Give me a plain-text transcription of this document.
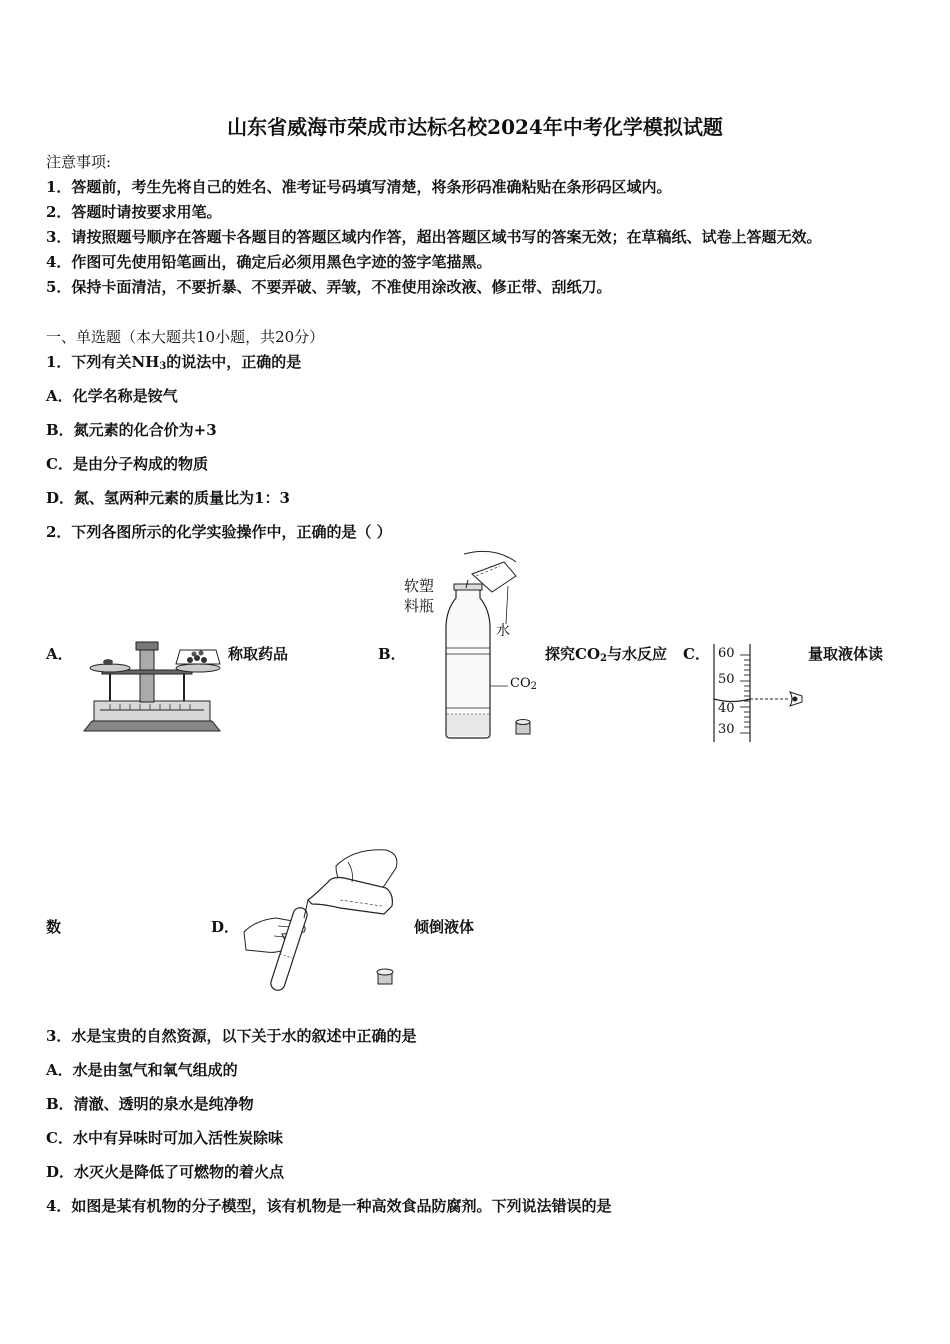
山东省威海市荣成市达标名校2024年中考化学模拟试题
注意事项:
1．答题前，考生先将自己的姓名、准考证号码填写清楚，将条形码准确粘贴在条形码区域内。
2．答题时请按要求用笔。
3．请按照题号顺序在答题卡各题目的答题区域内作答，超出答题区域书写的答案无效；在草稿纸、试卷上答题无效。
4．作图可先使用铅笔画出，确定后必须用黑色字迹的签字笔描黑。
5．保持卡面清洁，不要折暴、不要弄破、弄皱，不准使用涂改液、修正带、刮纸刀。
一、单选题（本大题共10小题，共20分）
1．下列有关$NH_3$的说法中，正确的是
A．化学名称是铵气
B．氮元素的化合价为+3
C．是由分子构成的物质
D．氮、氢两种元素的质量比为1：3
2．下列各图所示的化学实验操作中，正确的是（ ）
A．	称取药品	B．
软塑
料瓶
水
$CO_2$
探究$CO_2$与水反应 C． 60
50
40
30
量取液体读
数	D．	倾倒液体
3．水是宝贵的自然资源，以下关于水的叙述中正确的是
A．水是由氢气和氧气组成的
B．清澈、透明的泉水是纯净物
C．水中有异味时可加入活性炭除味
D．水灭火是降低了可燃物的着火点
4．如图是某有机物的分子模型，该有机物是一种高效食品防腐剂。下列说法错误的是
